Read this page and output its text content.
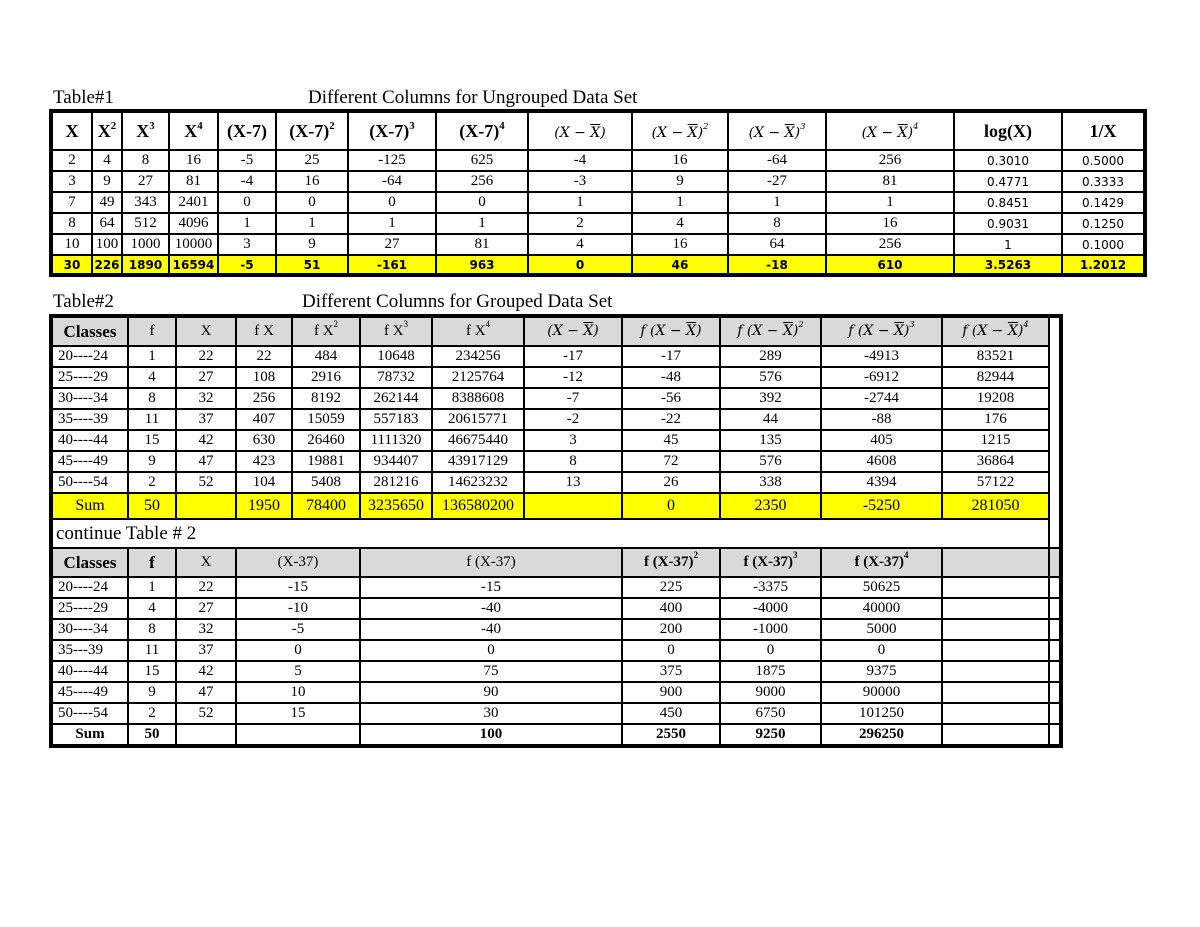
Table#1	Different Columns for Ungrouped Data Set
X	$X^2$	$X^3$	$X^4$	(X-7)	$(X-7)^2$	$(X-7)^3$	$(X-7)^4$	$(X - \overline{X})$	$(X - \overline{X})^2$	$(X - \overline{X})^3$	$(X - \overline{X})^4$	log(X)	1/X
2	4	8	16	-5	25	-125	625	-4	16	-64	256	0.3010	0.5000
3	9	27	81	-4	16	-64	256	-3	9	-27	81	0.4771	0.3333
7	49	343	2401	0	0	0	0	1	1	1	1	0.8451	0.1429
8	64	512	4096	1	1	1	1	2	4	8	16	0.9031	0.1250
10	100	1000	10000	3	9	27	81	4	16	64	256	1	0.1000
30	226	1890	16594	-5	51	-161	963	0	46	-18	610	3.5263	1.2012
Table#2	Different Columns for Grouped Data Set
Classes	f	X	f X	f $X^2$	f $X^3$	f $X^4$	$(X - \overline{X})$	f $(X - \overline{X})$	f $(X - \overline{X})^2$	f $(X - \overline{X})^3$	f $(X - \overline{X})^4$
20----24	1	22	22	484	10648	234256	-17	-17	289	-4913	83521	
25----29	4	27	108	2916	78732	2125764	-12	-48	576	-6912	82944	
30----34	8	32	256	8192	262144	8388608	-7	-56	392	-2744	19208	
35----39	11	37	407	15059	557183	20615771	-2	-22	44	-88	176	
40----44	15	42	630	26460	1111320	46675440	3	45	135	405	1215	
45----49	9	47	423	19881	934407	43917129	8	72	576	4608	36864	
50----54	2	52	104	5408	281216	14623232	13	26	338	4394	57122	
Sum	50		1950	78400	3235650	136580200		0	2350	-5250	281050	
continue Table # 2												
Classes	f	X	(X-37)		f (X-37)			f $(X-37)^2$	f $(X-37)^3$	f $(X-37)^4$		
20----24	1	22	-15		-15			225	-3375	50625		
25----29	4	27	-10		-40			400	-4000	40000		
30----34	8	32	-5		-40			200	-1000	5000		
35---39	11	37	0		0			0	0	0		
40----44	15	42	5		75			375	1875	9375		
45----49	9	47	10		90			900	9000	90000		
50----54	2	52	15		30			450	6750	101250		
Sum	50				100			2550	9250	296250		
